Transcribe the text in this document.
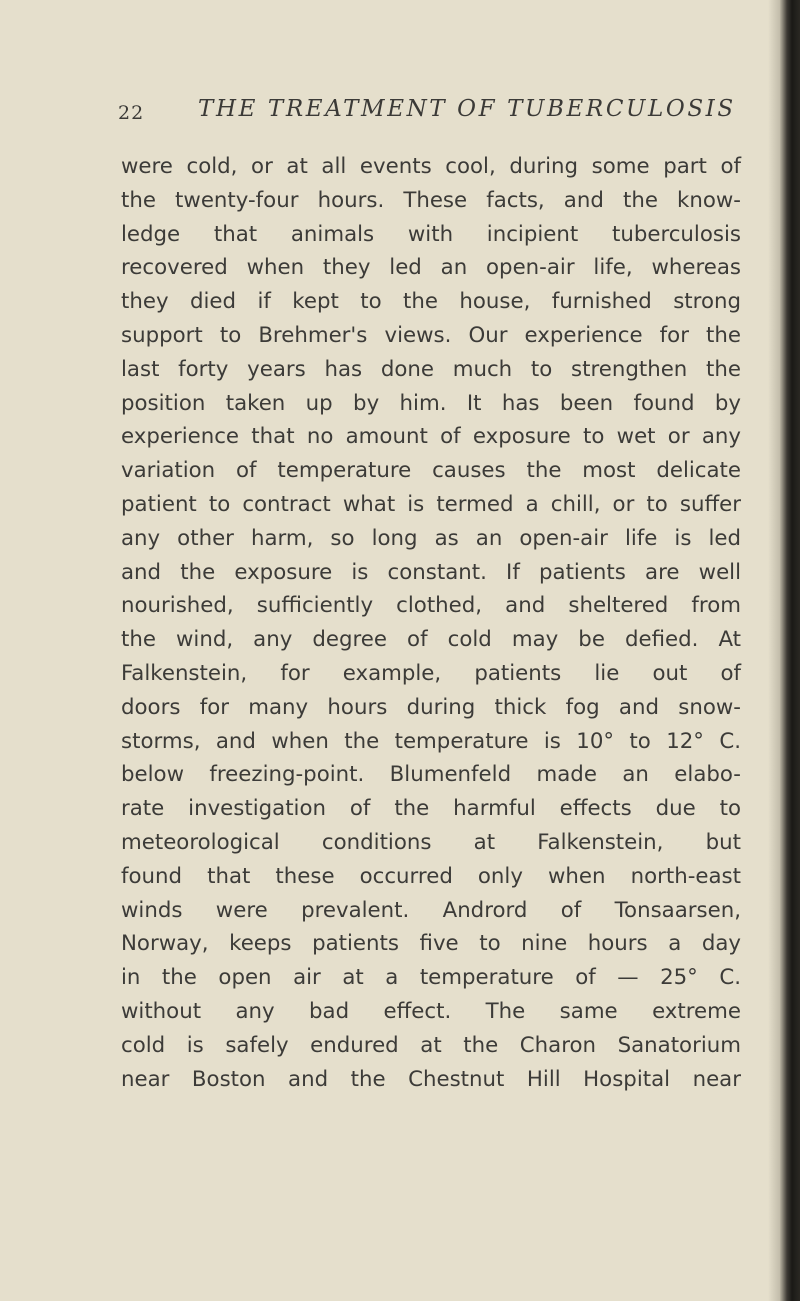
22 THE TREATMENT OF TUBERCULOSIS
were cold, or at all events cool, during some part of
the twenty-four hours. These facts, and the know-
ledge that animals with incipient tuberculosis
recovered when they led an open-air life, whereas
they died if kept to the house, furnished strong
support to Brehmer's views. Our experience for the
last forty years has done much to strengthen the
position taken up by him. It has been found by
experience that no amount of exposure to wet or any
variation of temperature causes the most delicate
patient to contract what is termed a chill, or to suffer
any other harm, so long as an open-air life is led
and the exposure is constant. If patients are well
nourished, sufficiently clothed, and sheltered from
the wind, any degree of cold may be defied. At
Falkenstein, for example, patients lie out of
doors for many hours during thick fog and snow-
storms, and when the temperature is 10° to 12° C.
below freezing-point. Blumenfeld made an elabo-
rate investigation of the harmful effects due to
meteorological conditions at Falkenstein, but
found that these occurred only when north-east
winds were prevalent. Andrord of Tonsaarsen,
Norway, keeps patients five to nine hours a day
in the open air at a temperature of — 25° C.
without any bad effect. The same extreme
cold is safely endured at the Charon Sanatorium
near Boston and the Chestnut Hill Hospital near
